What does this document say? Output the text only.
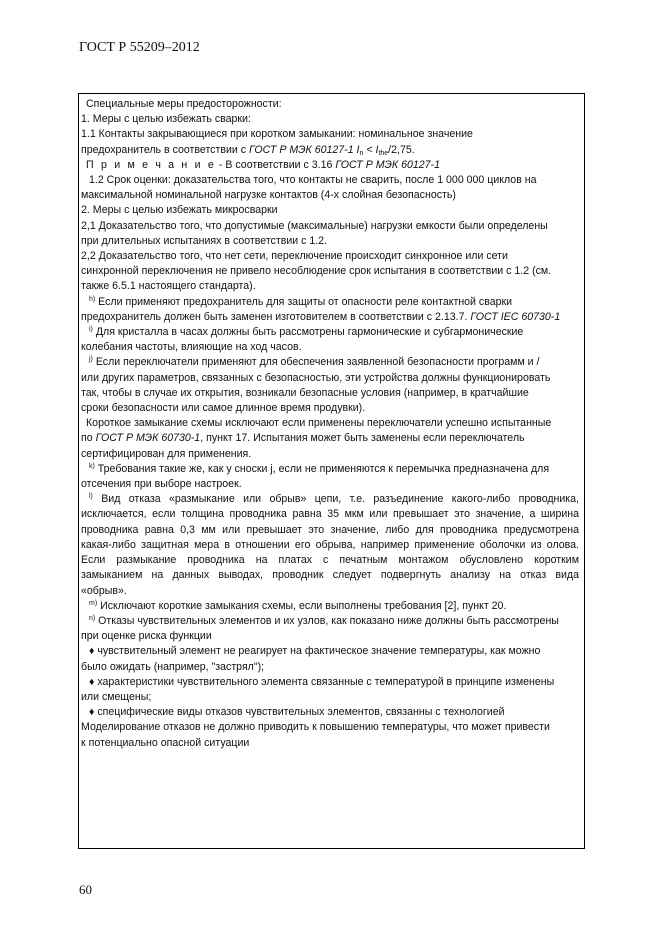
ГОСТ Р 55209–2012

Специальные меры предосторожности:

1. Меры с целью избежать сварки:

1.1 Контакты закрывающиеся при коротком замыкании: номинальное значение

предохранитель в соответствии с ГОСТ Р МЭК 60127-1 $I_n < I_{the}/2,75$.

П р и м е ч а н и е - В соответствии с 3.16 ГОСТ Р МЭК 60127-1

1.2 Срок оценки: доказательства того, что контакты не сварить, после 1 000 000 циклов на

максимальной номинальной нагрузке контактов (4-х слойная безопасность)

2. Меры с целью избежать микросварки

2,1 Доказательство того, что допустимые (максимальные) нагрузки емкости были определены

при длительных испытаниях в соответствии с 1.2.

2,2 Доказательство того, что нет сети, переключение происходит синхронное или сети

синхронной переключения не привело несоблюдение срок испытания в соответствии с 1.2 (см.

также 6.5.1 настоящего стандарта).

$^{h)}$ Если применяют предохранитель для защиты от опасности реле контактной сварки

предохранитель должен быть заменен изготовителем в соответствии с 2.13.7. ГОСТ IEC 60730-1

$^{i)}$ Для кристалла в часах должны быть рассмотрены гармонические и субгармонические

колебания частоты, влияющие на ход часов.

$^{j)}$ Если переключатели применяют для обеспечения заявленной безопасности программ и /

или других параметров, связанных с безопасностью, эти устройства должны функционировать

так, чтобы в случае их открытия, возникали безопасные условия (например, в кратчайшие

сроки безопасности или самое длинное время продувки).

Короткое замыкание схемы исключают если применены переключатели успешно испытанные

по ГОСТ Р МЭК 60730-1, пункт 17. Испытания может быть заменены если переключатель

сертифицирован для применения.

$^{k)}$ Требования такие же, как у сноски j, если не применяются к перемычка предназначена для

отсечения при выборе настроек.

$^{l)}$ Вид отказа «размыкание или обрыв» цепи, т.е. разъединение какого-либо проводника,

исключается, если толщина проводника равна 35 мкм или превышает это значение, а ширина

проводника равна 0,3 мм или превышает это значение, либо для проводника предусмотрена

какая-либо защитная мера в отношении его обрыва, например применение оболочки из олова.

Если размыкание проводника на платах с печатным монтажом обусловлено коротким

замыканием на данных выводах, проводник следует подвергнуть анализу на отказ вида

«обрыв».

$^{m)}$ Исключают короткие замыкания схемы, если выполнены требования [2], пункт 20.

$^{n)}$ Отказы чувствительных элементов и их узлов, как показано ниже должны быть рассмотрены

при оценке риска функции

♦ чувствительный элемент не реагирует на фактическое значение температуры, как можно

было ожидать (например, "застрял");

♦ характеристики чувствительного элемента связанные с температурой в принципе изменены

или смещены;

♦ специфические виды отказов чувствительных элементов, связанны с технологией

Моделирование отказов не должно приводить к повышению температуры, что может привести

к потенциально опасной ситуации

60
